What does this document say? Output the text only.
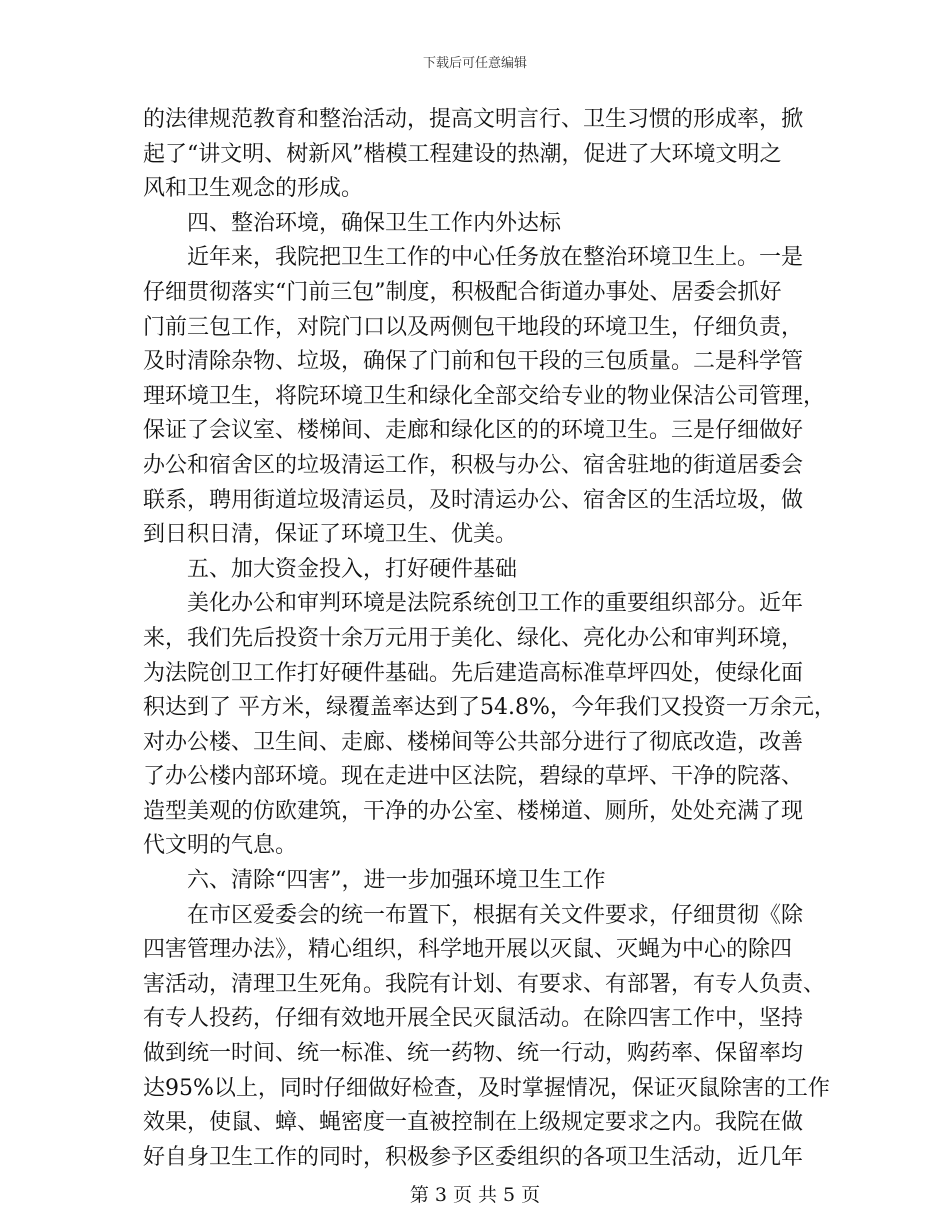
下载后可任意编辑
的法律规范教育和整治活动，提高文明言行、卫生习惯的形成率，掀
起了“讲文明、树新风”楷模工程建设的热潮，促进了大环境文明之
风和卫生观念的形成。
四、整治环境，确保卫生工作内外达标
近年来，我院把卫生工作的中心任务放在整治环境卫生上。一是
仔细贯彻落实“门前三包”制度，积极配合街道办事处、居委会抓好
门前三包工作，对院门口以及两侧包干地段的环境卫生，仔细负责，
及时清除杂物、垃圾，确保了门前和包干段的三包质量。二是科学管
理环境卫生，将院环境卫生和绿化全部交给专业的物业保洁公司管理，
保证了会议室、楼梯间、走廊和绿化区的的环境卫生。三是仔细做好
办公和宿舍区的垃圾清运工作，积极与办公、宿舍驻地的街道居委会
联系，聘用街道垃圾清运员，及时清运办公、宿舍区的生活垃圾，做
到日积日清，保证了环境卫生、优美。
五、加大资金投入，打好硬件基础
美化办公和审判环境是法院系统创卫工作的重要组织部分。近年
来，我们先后投资十余万元用于美化、绿化、亮化办公和审判环境，
为法院创卫工作打好硬件基础。先后建造高标准草坪四处，使绿化面
积达到了 平方米，绿覆盖率达到了54.8%，今年我们又投资一万余元，
对办公楼、卫生间、走廊、楼梯间等公共部分进行了彻底改造，改善
了办公楼内部环境。现在走进中区法院，碧绿的草坪、干净的院落、
造型美观的仿欧建筑，干净的办公室、楼梯道、厕所，处处充满了现
代文明的气息。
六、清除“四害”，进一步加强环境卫生工作
在市区爱委会的统一布置下，根据有关文件要求，仔细贯彻《除
四害管理办法》，精心组织，科学地开展以灭鼠、灭蝇为中心的除四
害活动，清理卫生死角。我院有计划、有要求、有部署，有专人负责、
有专人投药，仔细有效地开展全民灭鼠活动。在除四害工作中，坚持
做到统一时间、统一标准、统一药物、统一行动，购药率、保留率均
达95%以上，同时仔细做好检查，及时掌握情况，保证灭鼠除害的工作
效果，使鼠、蟑、蝇密度一直被控制在上级规定要求之内。我院在做
好自身卫生工作的同时，积极参予区委组织的各项卫生活动，近几年
第 3 页 共 5 页
